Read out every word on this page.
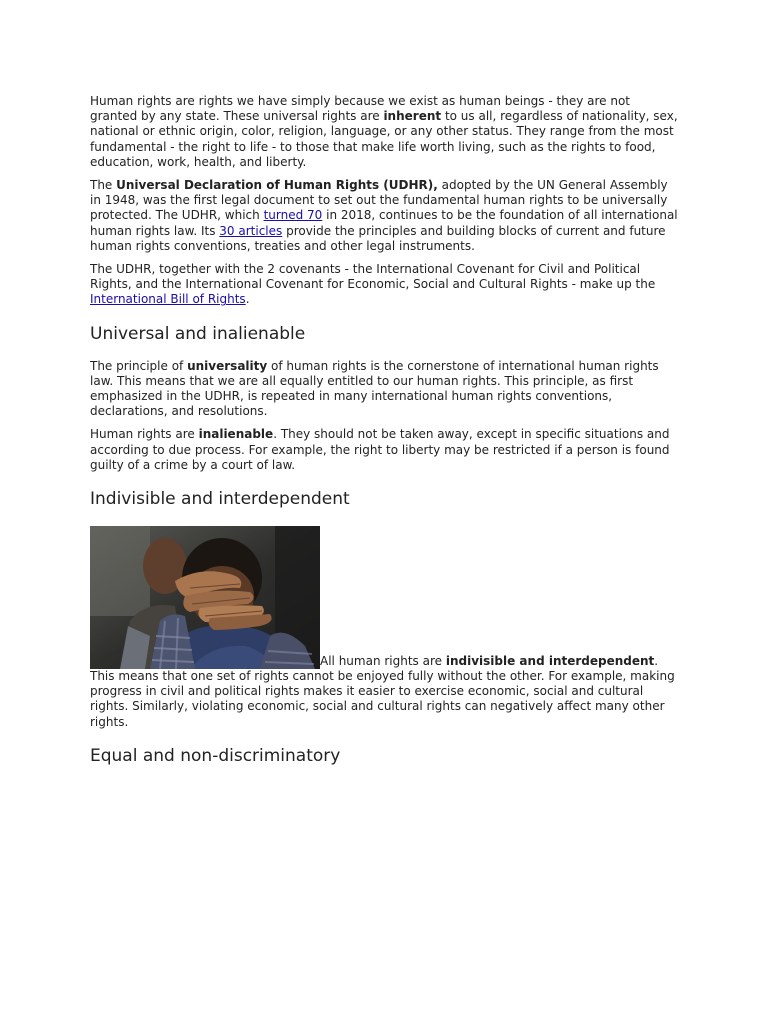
Human rights are rights we have simply because we exist as human beings - they are not granted by any state. These universal rights are inherent to us all, regardless of nationality, sex, national or ethnic origin, color, religion, language, or any other status. They range from the most fundamental - the right to life - to those that make life worth living, such as the rights to food, education, work, health, and liberty.

The Universal Declaration of Human Rights (UDHR), adopted by the UN General Assembly in 1948, was the first legal document to set out the fundamental human rights to be universally protected. The UDHR, which turned 70 in 2018, continues to be the foundation of all international human rights law. Its 30 articles provide the principles and building blocks of current and future human rights conventions, treaties and other legal instruments.

The UDHR, together with the 2 covenants - the International Covenant for Civil and Political Rights, and the International Covenant for Economic, Social and Cultural Rights - make up the International Bill of Rights.

Universal and inalienable

The principle of universality of human rights is the cornerstone of international human rights law. This means that we are all equally entitled to our human rights. This principle, as first emphasized in the UDHR, is repeated in many international human rights conventions, declarations, and resolutions.

Human rights are inalienable. They should not be taken away, except in specific situations and according to due process. For example, the right to liberty may be restricted if a person is found guilty of a crime by a court of law.

Indivisible and interdependent

All human rights are indivisible and interdependent. This means that one set of rights cannot be enjoyed fully without the other. For example, making progress in civil and political rights makes it easier to exercise economic, social and cultural rights. Similarly, violating economic, social and cultural rights can negatively affect many other rights.

Equal and non-discriminatory
